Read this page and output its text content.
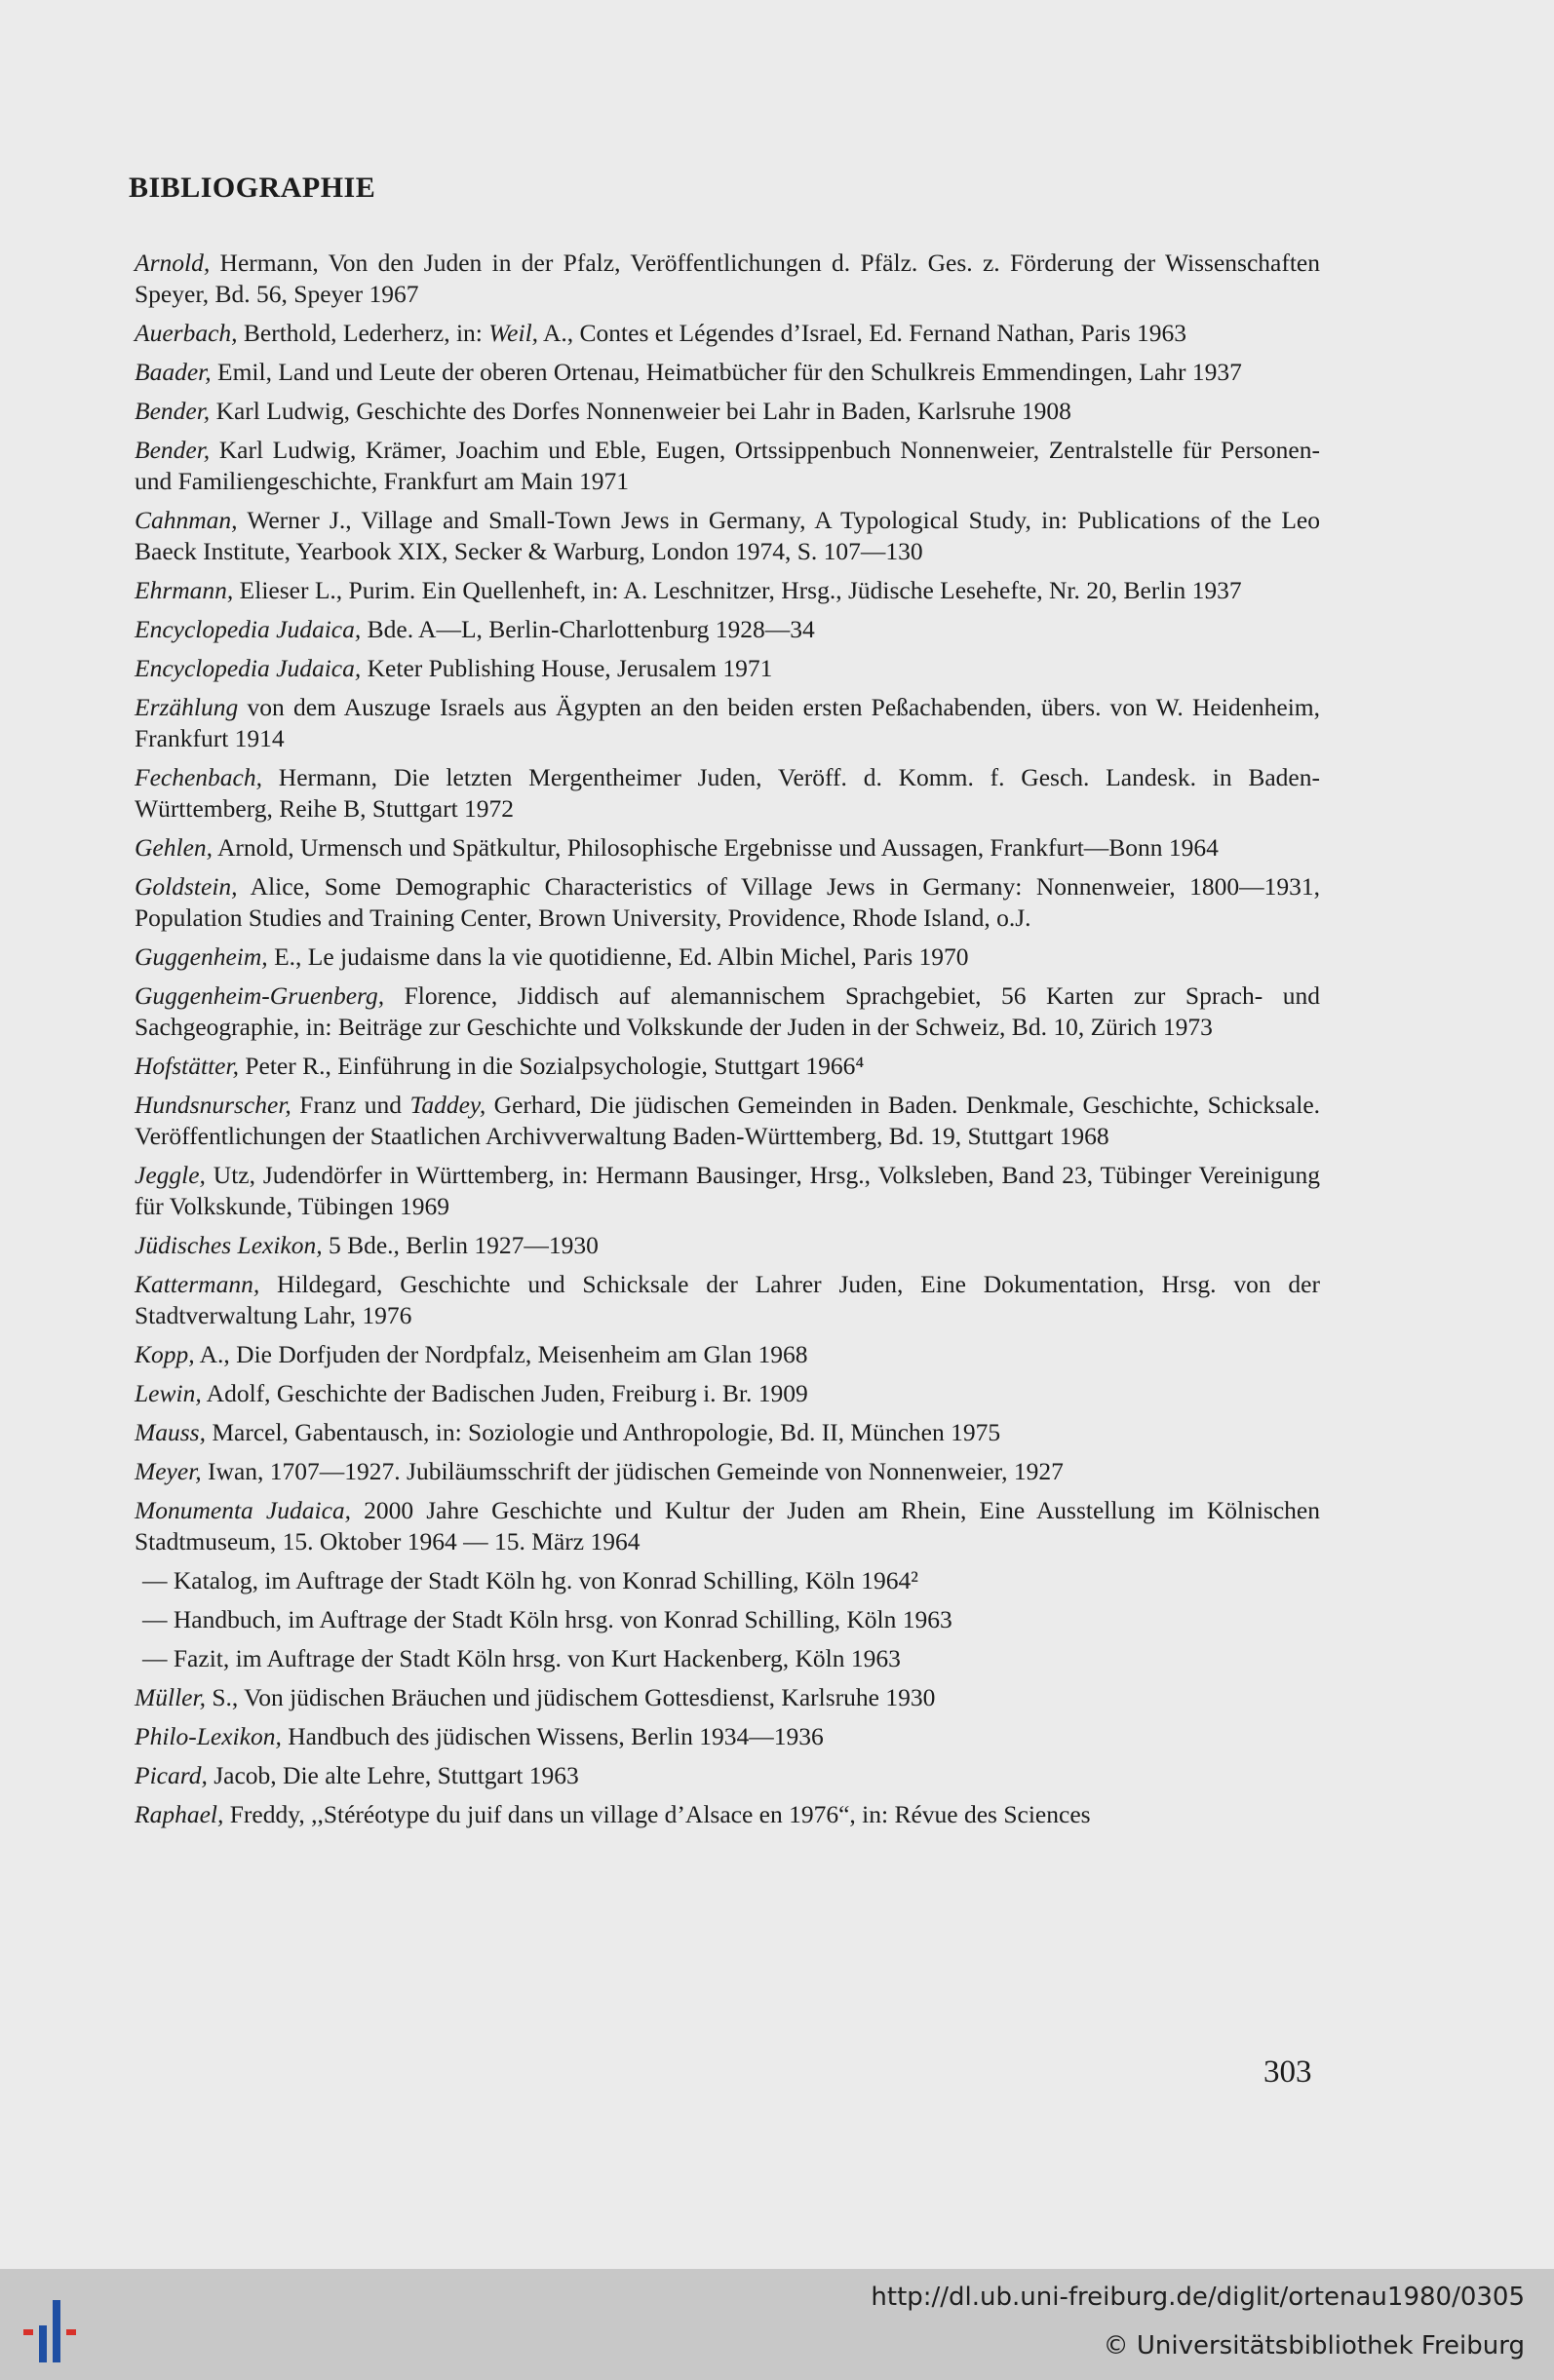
BIBLIOGRAPHIE

Arnold, Hermann, Von den Juden in der Pfalz, Veröffentlichungen d. Pfälz. Ges. z. Förderung der Wissenschaften Speyer, Bd. 56, Speyer 1967

Auerbach, Berthold, Lederherz, in: Weil, A., Contes et Légendes d’Israel, Ed. Fernand Nathan, Paris 1963

Baader, Emil, Land und Leute der oberen Ortenau, Heimatbücher für den Schulkreis Emmendingen, Lahr 1937

Bender, Karl Ludwig, Geschichte des Dorfes Nonnenweier bei Lahr in Baden, Karlsruhe 1908

Bender, Karl Ludwig, Krämer, Joachim und Eble, Eugen, Ortssippenbuch Nonnenweier, Zentralstelle für Personen- und Familiengeschichte, Frankfurt am Main 1971

Cahnman, Werner J., Village and Small-Town Jews in Germany, A Typological Study, in: Publications of the Leo Baeck Institute, Yearbook XIX, Secker & Warburg, London 1974, S. 107—130

Ehrmann, Elieser L., Purim. Ein Quellenheft, in: A. Leschnitzer, Hrsg., Jüdische Lesehefte, Nr. 20, Berlin 1937

Encyclopedia Judaica, Bde. A—L, Berlin-Charlottenburg 1928—34

Encyclopedia Judaica, Keter Publishing House, Jerusalem 1971

Erzählung von dem Auszuge Israels aus Ägypten an den beiden ersten Peßachabenden, übers. von W. Heidenheim, Frankfurt 1914

Fechenbach, Hermann, Die letzten Mergentheimer Juden, Veröff. d. Komm. f. Gesch. Landesk. in Baden-Württemberg, Reihe B, Stuttgart 1972

Gehlen, Arnold, Urmensch und Spätkultur, Philosophische Ergebnisse und Aussagen, Frankfurt—Bonn 1964

Goldstein, Alice, Some Demographic Characteristics of Village Jews in Germany: Nonnenweier, 1800—1931, Population Studies and Training Center, Brown University, Providence, Rhode Island, o.J.

Guggenheim, E., Le judaisme dans la vie quotidienne, Ed. Albin Michel, Paris 1970

Guggenheim-Gruenberg, Florence, Jiddisch auf alemannischem Sprachgebiet, 56 Karten zur Sprach- und Sachgeographie, in: Beiträge zur Geschichte und Volkskunde der Juden in der Schweiz, Bd. 10, Zürich 1973

Hofstätter, Peter R., Einführung in die Sozialpsychologie, Stuttgart 1966⁴

Hundsnurscher, Franz und Taddey, Gerhard, Die jüdischen Gemeinden in Baden. Denkmale, Geschichte, Schicksale. Veröffentlichungen der Staatlichen Archivverwaltung Baden-Württemberg, Bd. 19, Stuttgart 1968

Jeggle, Utz, Judendörfer in Württemberg, in: Hermann Bausinger, Hrsg., Volksleben, Band 23, Tübinger Vereinigung für Volkskunde, Tübingen 1969

Jüdisches Lexikon, 5 Bde., Berlin 1927—1930

Kattermann, Hildegard, Geschichte und Schicksale der Lahrer Juden, Eine Dokumentation, Hrsg. von der Stadtverwaltung Lahr, 1976

Kopp, A., Die Dorfjuden der Nordpfalz, Meisenheim am Glan 1968

Lewin, Adolf, Geschichte der Badischen Juden, Freiburg i. Br. 1909

Mauss, Marcel, Gabentausch, in: Soziologie und Anthropologie, Bd. II, München 1975

Meyer, Iwan, 1707—1927. Jubiläumsschrift der jüdischen Gemeinde von Nonnenweier, 1927

Monumenta Judaica, 2000 Jahre Geschichte und Kultur der Juden am Rhein, Eine Ausstellung im Kölnischen Stadtmuseum, 15. Oktober 1964 — 15. März 1964

— Katalog, im Auftrage der Stadt Köln hg. von Konrad Schilling, Köln 1964²

— Handbuch, im Auftrage der Stadt Köln hrsg. von Konrad Schilling, Köln 1963

— Fazit, im Auftrage der Stadt Köln hrsg. von Kurt Hackenberg, Köln 1963

Müller, S., Von jüdischen Bräuchen und jüdischem Gottesdienst, Karlsruhe 1930

Philo-Lexikon, Handbuch des jüdischen Wissens, Berlin 1934—1936

Picard, Jacob, Die alte Lehre, Stuttgart 1963

Raphael, Freddy, ,,Stéréotype du juif dans un village d’Alsace en 1976“, in: Révue des Sciences

303

http://dl.ub.uni-freiburg.de/diglit/ortenau1980/0305
© Universitätsbibliothek Freiburg
